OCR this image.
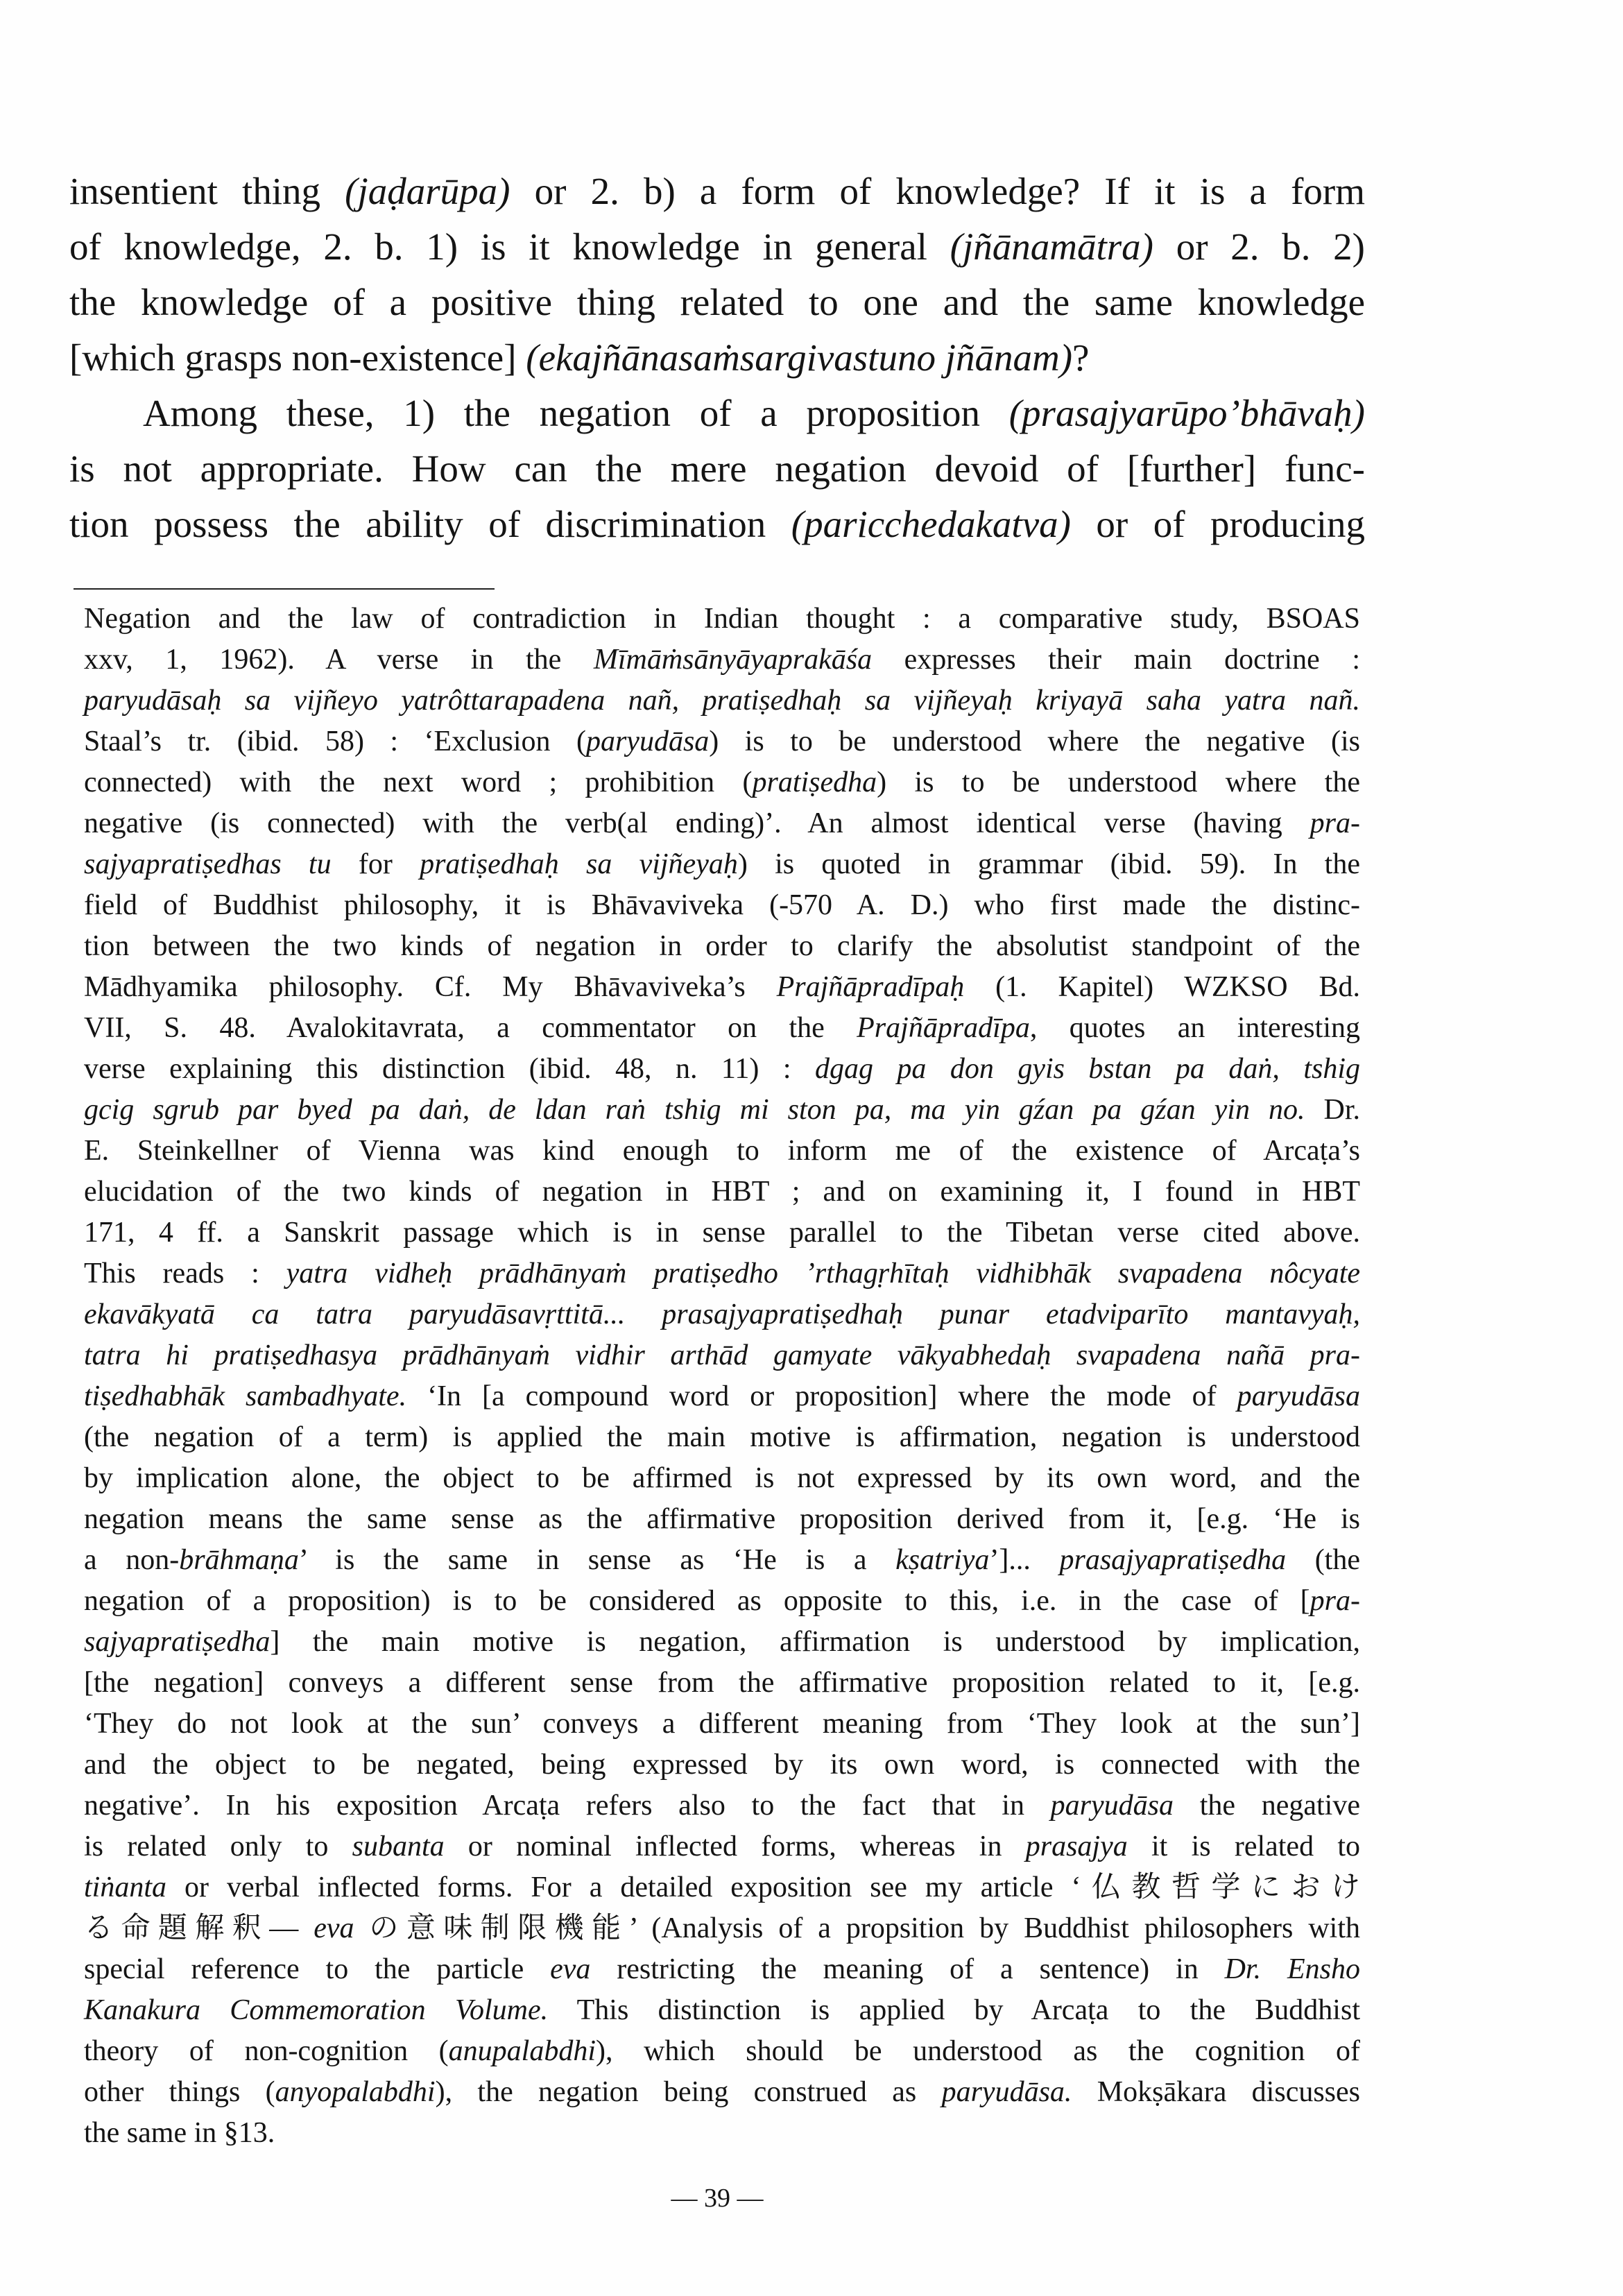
insentient thing (jaḍarūpa) or 2. b) a form of knowledge? If it is a form
of knowledge, 2. b. 1) is it knowledge in general (jñānamātra) or 2. b. 2)
the knowledge of a positive thing related to one and the same knowledge
[which grasps non-existence] (ekajñānasaṁsargivastuno jñānam)?
Among these, 1) the negation of a proposition (prasajyarūpo’bhāvaḥ)
is not appropriate. How can the mere negation devoid of [further] func-
tion possess the ability of discrimination (paricchedakatva) or of producing
Negation and the law of contradiction in Indian thought : a comparative study, BSOAS
xxv, 1, 1962). A verse in the Mīmāṁsānyāyaprakāśa expresses their main doctrine :
paryudāsaḥ sa vijñeyo yatrôttarapadena nañ, pratiṣedhaḥ sa vijñeyaḥ kriyayā saha yatra nañ.
Staal’s tr. (ibid. 58) : ‘Exclusion (paryudāsa) is to be understood where the negative (is
connected) with the next word ; prohibition (pratiṣedha) is to be understood where the
negative (is connected) with the verb(al ending)’. An almost identical verse (having pra-
sajyapratiṣedhas tu for pratiṣedhaḥ sa vijñeyaḥ) is quoted in grammar (ibid. 59). In the
field of Buddhist philosophy, it is Bhāvaviveka (-570 A. D.) who first made the distinc-
tion between the two kinds of negation in order to clarify the absolutist standpoint of the
Mādhyamika philosophy. Cf. My Bhāvaviveka’s Prajñāpradīpaḥ (1. Kapitel) WZKSO Bd.
VII, S. 48. Avalokitavrata, a commentator on the Prajñāpradīpa, quotes an interesting
verse explaining this distinction (ibid. 48, n. 11) : dgag pa don gyis bstan pa daṅ, tshig
gcig sgrub par byed pa daṅ, de ldan raṅ tshig mi ston pa, ma yin gźan pa gźan yin no. Dr.
E. Steinkellner of Vienna was kind enough to inform me of the existence of Arcaṭa’s
elucidation of the two kinds of negation in HBT ; and on examining it, I found in HBT
171, 4 ff. a Sanskrit passage which is in sense parallel to the Tibetan verse cited above.
This reads : yatra vidheḥ prādhānyaṁ pratiṣedho ’rthagṛhītaḥ vidhibhāk svapadena nôcyate
ekavākyatā ca tatra paryudāsavṛttitā... prasajyapratiṣedhaḥ punar etadviparīto mantavyaḥ,
tatra hi pratiṣedhasya prādhānyaṁ vidhir arthād gamyate vākyabhedaḥ svapadena nañā pra-
tiṣedhabhāk sambadhyate. ‘In [a compound word or proposition] where the mode of paryudāsa
(the negation of a term) is applied the main motive is affirmation, negation is understood
by implication alone, the object to be affirmed is not expressed by its own word, and the
negation means the same sense as the affirmative proposition derived from it, [e.g. ‘He is
a non-brāhmaṇa’ is the same in sense as ‘He is a kṣatriya’]... prasajyapratiṣedha (the
negation of a proposition) is to be considered as opposite to this, i.e. in the case of [pra-
sajyapratiṣedha] the main motive is negation, affirmation is understood by implication,
[the negation] conveys a different sense from the affirmative proposition related to it, [e.g.
‘They do not look at the sun’ conveys a different meaning from ‘They look at the sun’]
and the object to be negated, being expressed by its own word, is connected with the
negative’. In his exposition Arcaṭa refers also to the fact that in paryudāsa the negative
is related only to subanta or nominal inflected forms, whereas in prasajya it is related to
tiṅanta or verbal inflected forms. For a detailed exposition see my article ‘仏教哲学におけ
る命題解釈— eva の意味制限機能’ (Analysis of a propsition by Buddhist philosophers with
special reference to the particle eva restricting the meaning of a sentence) in Dr. Ensho
Kanakura Commemoration Volume. This distinction is applied by Arcaṭa to the Buddhist
theory of non-cognition (anupalabdhi), which should be understood as the cognition of
other things (anyopalabdhi), the negation being construed as paryudāsa. Mokṣākara discusses
the same in §13.
— 39 —
